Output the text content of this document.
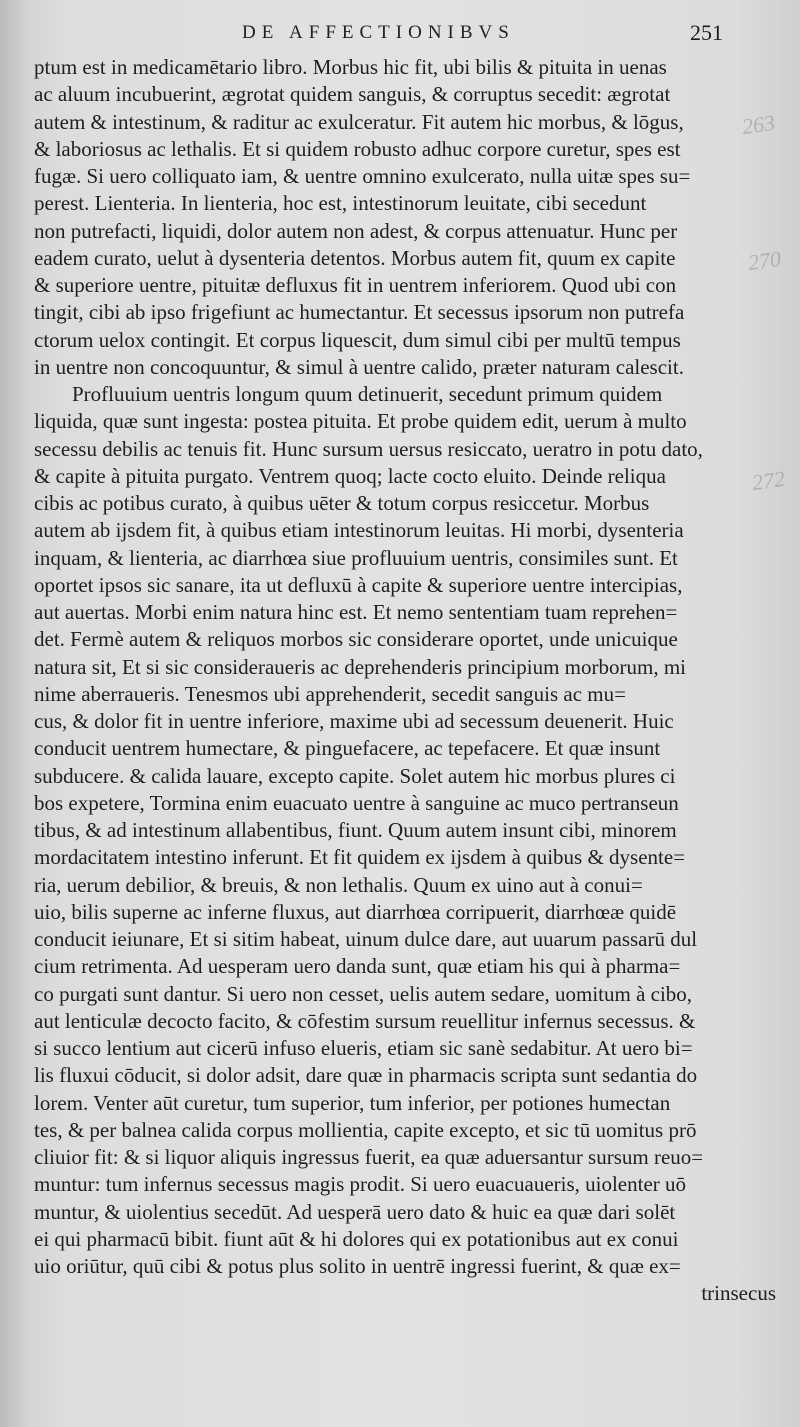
DE AFFECTIONIBVS	251
263
270
272
ptum est in medicamētario libro. Morbus hic fit, ubi bilis & pituita in uenas
ac aluum incubuerint, ægrotat quidem sanguis, & corruptus secedit: ægrotat
autem & intestinum, & raditur ac exulceratur. Fit autem hic morbus, & lōgus,
& laboriosus ac lethalis. Et si quidem robusto adhuc corpore curetur, spes est
fugæ. Si uero colliquato iam, & uentre omnino exulcerato, nulla uitæ spes su=
perest. Lienteria. In lienteria, hoc est, intestinorum leuitate, cibi secedunt
non putrefacti, liquidi, dolor autem non adest, & corpus attenuatur. Hunc per
eadem curato, uelut à dysenteria detentos. Morbus autem fit, quum ex capite
& superiore uentre, pituitæ defluxus fit in uentrem inferiorem. Quod ubi con
tingit, cibi ab ipso frigefiunt ac humectantur. Et secessus ipsorum non putrefa
ctorum uelox contingit. Et corpus liquescit, dum simul cibi per multū tempus
in uentre non concoquuntur, & simul à uentre calido, præter naturam calescit.
Profluuium uentris longum quum detinuerit, secedunt primum quidem
liquida, quæ sunt ingesta: postea pituita. Et probe quidem edit, uerum à multo
secessu debilis ac tenuis fit. Hunc sursum uersus resiccato, ueratro in potu dato,
& capite à pituita purgato. Ventrem quoq; lacte cocto eluito. Deinde reliqua
cibis ac potibus curato, à quibus uēter & totum corpus resiccetur. Morbus
autem ab ijsdem fit, à quibus etiam intestinorum leuitas. Hi morbi, dysenteria
inquam, & lienteria, ac diarrhœa siue profluuium uentris, consimiles sunt. Et
oportet ipsos sic sanare, ita ut defluxū à capite & superiore uentre intercipias,
aut auertas. Morbi enim natura hinc est. Et nemo sententiam tuam reprehen=
det. Fermè autem & reliquos morbos sic considerare oportet, unde unicuique
natura sit, Et si sic consideraueris ac deprehenderis principium morborum, mi
nime aberraueris. Tenesmos ubi apprehenderit, secedit sanguis ac mu=
cus, & dolor fit in uentre inferiore, maxime ubi ad secessum deuenerit. Huic
conducit uentrem humectare, & pinguefacere, ac tepefacere. Et quæ insunt
subducere. & calida lauare, excepto capite. Solet autem hic morbus plures ci
bos expetere, Tormina enim euacuato uentre à sanguine ac muco pertranseun
tibus, & ad intestinum allabentibus, fiunt. Quum autem insunt cibi, minorem
mordacitatem intestino inferunt. Et fit quidem ex ijsdem à quibus & dysente=
ria, uerum debilior, & breuis, & non lethalis. Quum ex uino aut à conui=
uio, bilis superne ac inferne fluxus, aut diarrhœa corripuerit, diarrhœæ quidē
conducit ieiunare, Et si sitim habeat, uinum dulce dare, aut uuarum passarū dul
cium retrimenta. Ad uesperam uero danda sunt, quæ etiam his qui à pharma=
co purgati sunt dantur. Si uero non cesset, uelis autem sedare, uomitum à cibo,
aut lenticulæ decocto facito, & cōfestim sursum reuellitur infernus secessus. &
si succo lentium aut cicerū infuso elueris, etiam sic sanè sedabitur. At uero bi=
lis fluxui cōducit, si dolor adsit, dare quæ in pharmacis scripta sunt sedantia do
lorem. Venter aūt curetur, tum superior, tum inferior, per potiones humectan
tes, & per balnea calida corpus mollientia, capite excepto, et sic tū uomitus prō
cliuior fit: & si liquor aliquis ingressus fuerit, ea quæ aduersantur sursum reuo=
muntur: tum infernus secessus magis prodit. Si uero euacuaueris, uiolenter uō
muntur, & uiolentius secedūt. Ad uesperā uero dato & huic ea quæ dari solēt
ei qui pharmacū bibit. fiunt aūt & hi dolores qui ex potationibus aut ex conui
uio oriūtur, quū cibi & potus plus solito in uentrē ingressi fuerint, & quæ ex=
trinsecus
